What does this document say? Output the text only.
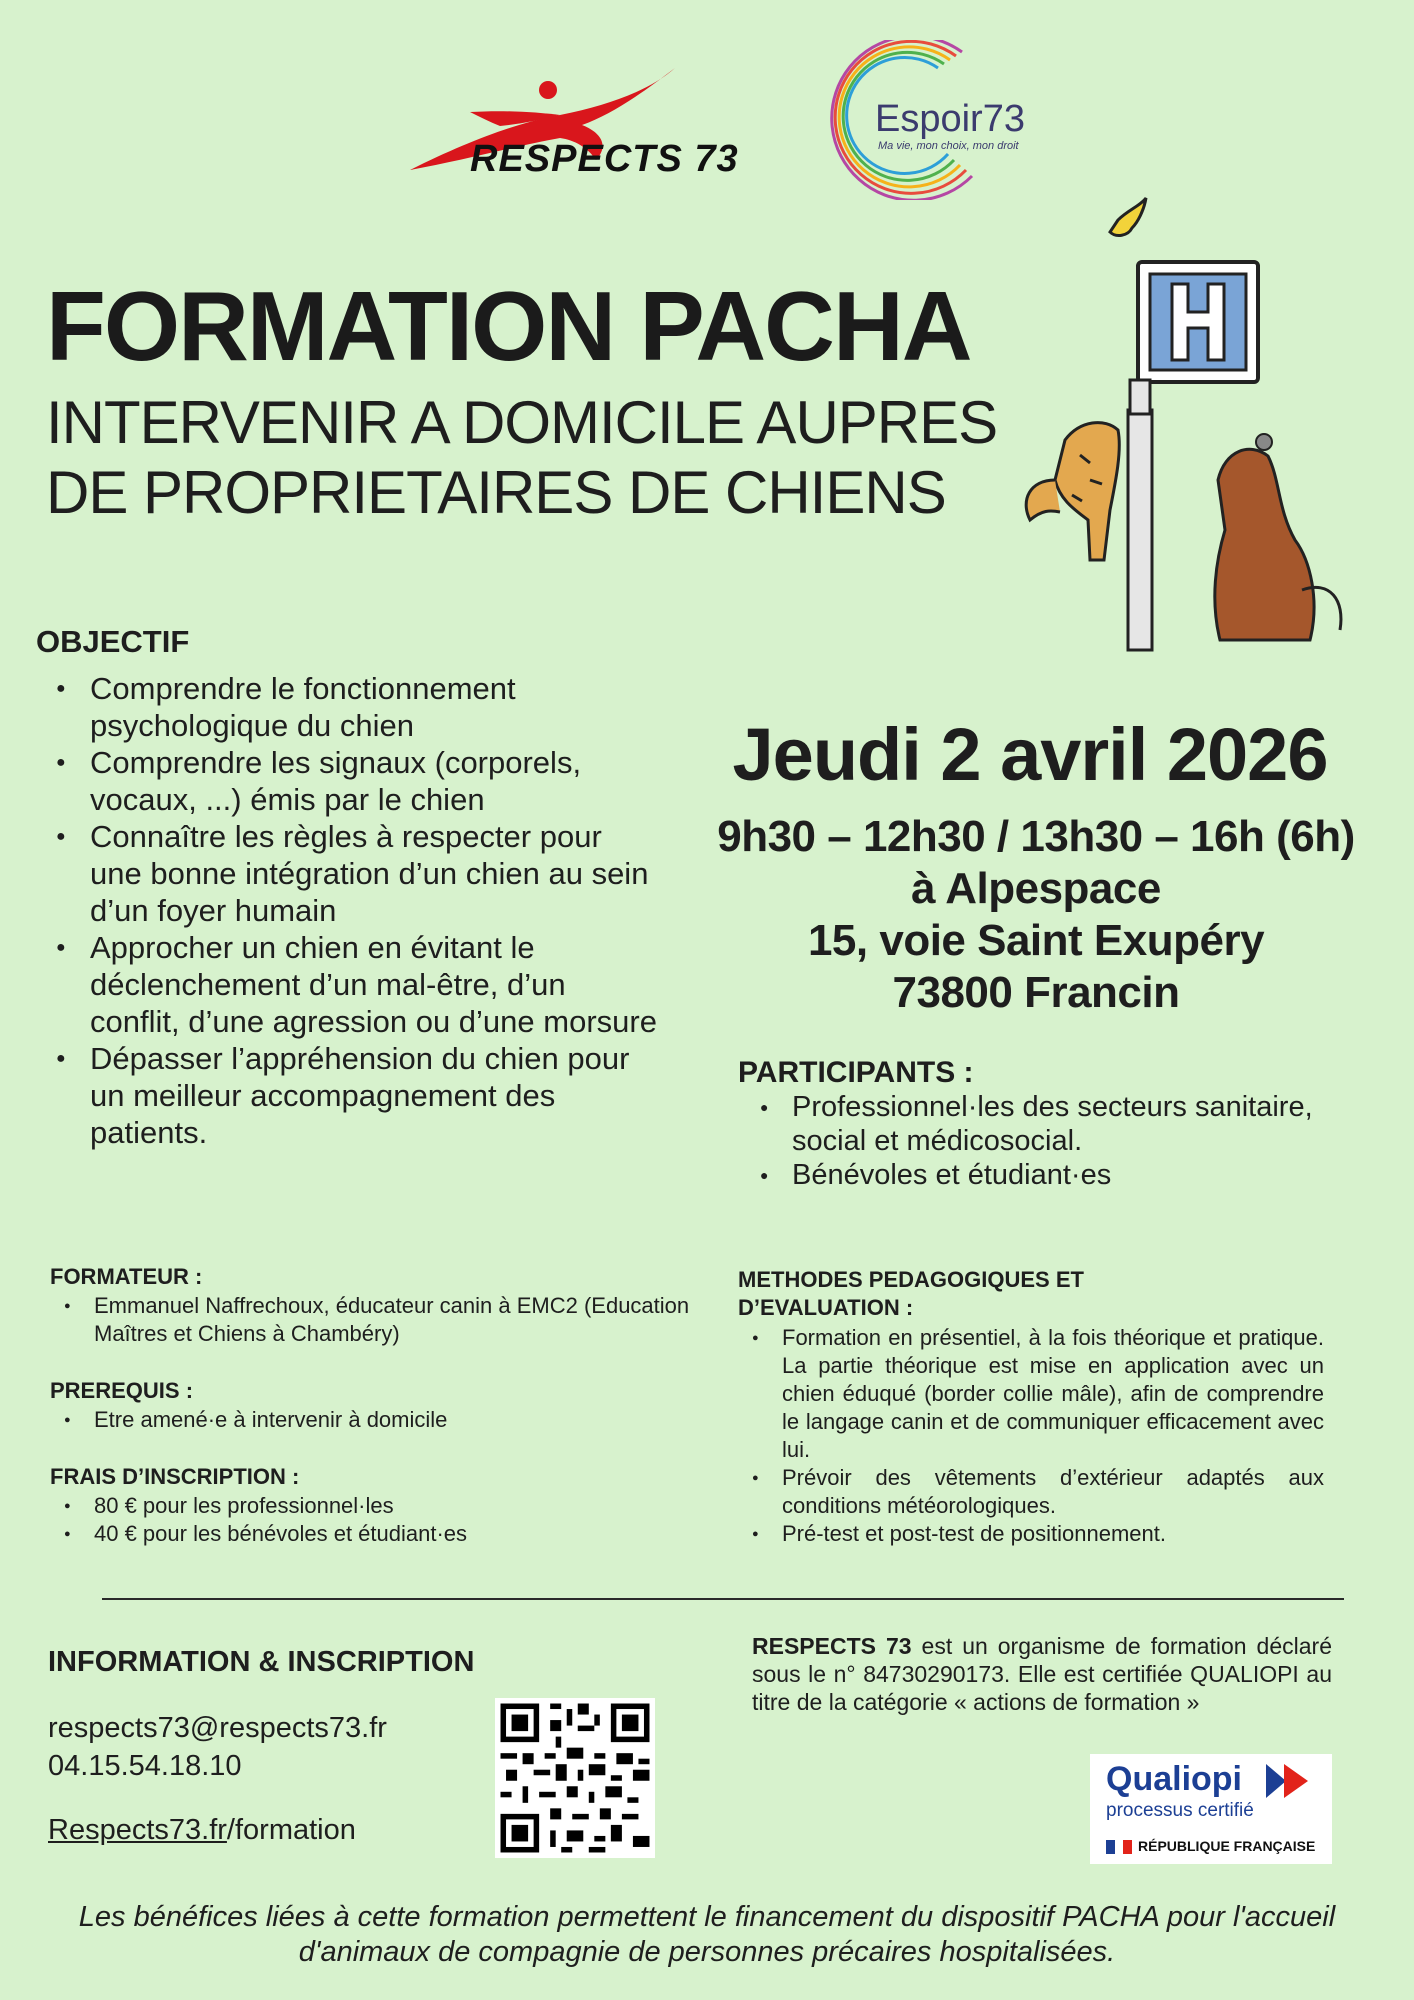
RESPECTS 73
Espoir73
Ma vie, mon choix, mon droit
FORMATION PACHA
INTERVENIR A DOMICILE AUPRES
DE PROPRIETAIRES DE CHIENS
OBJECTIF
● Comprendre le fonctionnement psychologique du chien
● Comprendre les signaux (corporels, vocaux, ...) émis par le chien
● Connaître les règles à respecter pour une bonne intégration d’un chien au sein d’un foyer humain
● Approcher un chien en évitant le déclenchement d’un mal-être, d’un conflit, d’une agression ou d’une morsure
● Dépasser l’appréhension du chien pour un meilleur accompagnement des patients.
Jeudi 2 avril 2026
9h30 – 12h30 / 13h30 – 16h (6h)
à Alpespace
15, voie Saint Exupéry
73800 Francin
PARTICIPANTS :
● Professionnel·les des secteurs sanitaire, social et médicosocial.
● Bénévoles et étudiant·es
FORMATEUR :
● Emmanuel Naffrechoux, éducateur canin à EMC2 (Education Maîtres et Chiens à Chambéry)
PREREQUIS :
● Etre amené·e à intervenir à domicile
FRAIS D’INSCRIPTION :
● 80 € pour les professionnel·les
● 40 € pour les bénévoles et étudiant·es
METHODES PEDAGOGIQUES ET D’EVALUATION :
● Formation en présentiel, à la fois théorique et pratique. La partie théorique est mise en application avec un chien éduqué (border collie mâle), afin de comprendre le langage canin et de communiquer efficacement avec lui.
● Prévoir des vêtements d’extérieur adaptés aux conditions météorologiques.
● Pré-test et post-test de positionnement.
INFORMATION & INSCRIPTION
respects73@respects73.fr
04.15.54.18.10
Respects73.fr/formation
RESPECTS 73 est un organisme de formation déclaré sous le n° 84730290173. Elle est certifiée QUALIOPI au titre de la catégorie « actions de formation »
Qualiopi
processus certifié
RÉPUBLIQUE FRANÇAISE
Les bénéfices liées à cette formation permettent le financement du dispositif PACHA pour l'accueil d'animaux de compagnie de personnes précaires hospitalisées.
